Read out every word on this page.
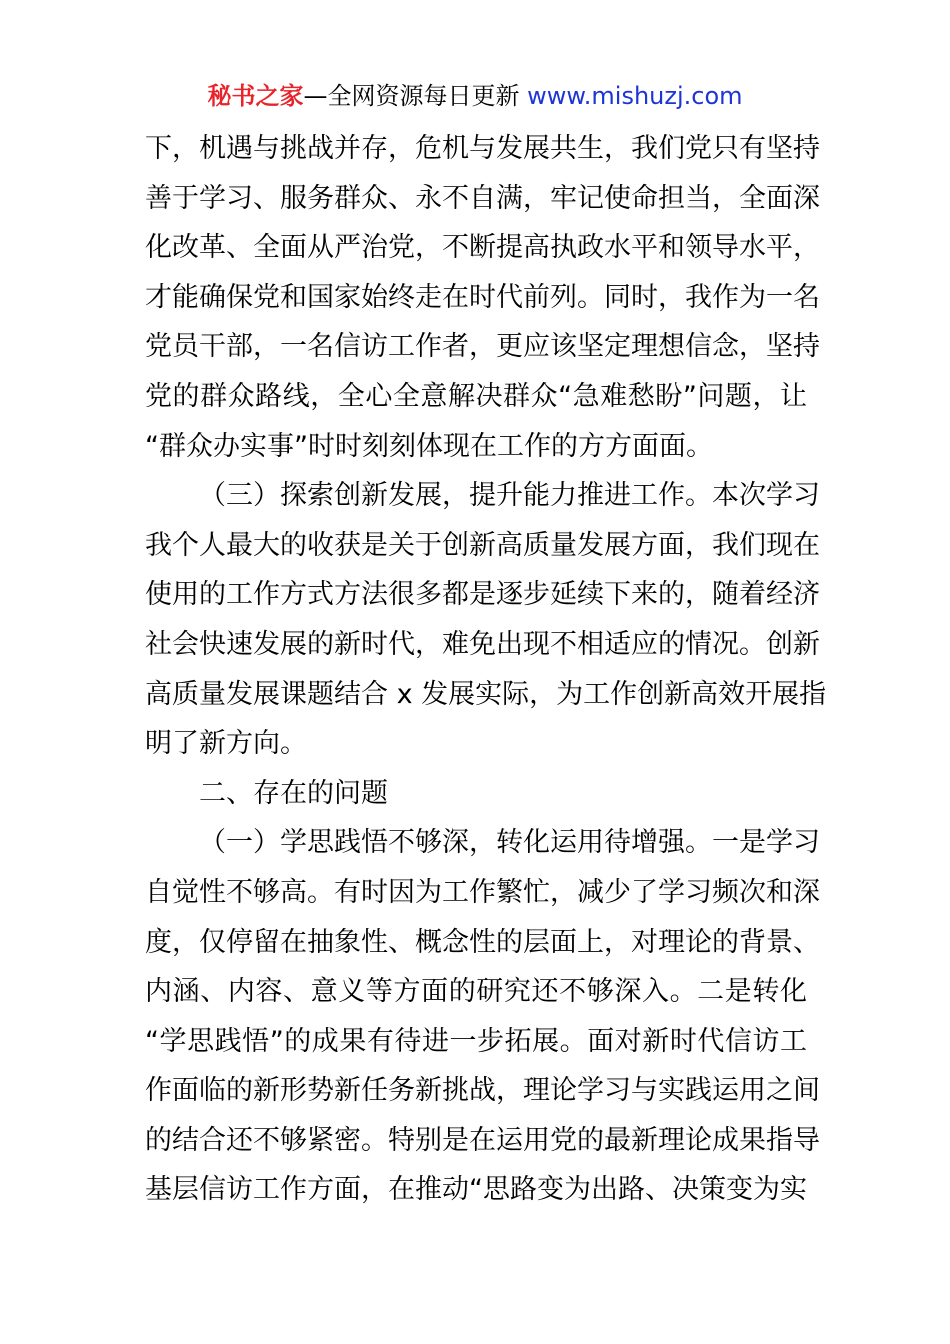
秘书之家—全网资源每日更新 www.mishuzj.com
下，机遇与挑战并存，危机与发展共生，我们党只有坚持
善于学习、服务群众、永不自满，牢记使命担当，全面深
化改革、全面从严治党，不断提高执政水平和领导水平，
才能确保党和国家始终走在时代前列。同时，我作为一名
党员干部，一名信访工作者，更应该坚定理想信念，坚持
党的群众路线，全心全意解决群众“急难愁盼”问题，让
“群众办实事”时时刻刻体现在工作的方方面面。
（三）探索创新发展，提升能力推进工作。本次学习
我个人最大的收获是关于创新高质量发展方面，我们现在
使用的工作方式方法很多都是逐步延续下来的，随着经济
社会快速发展的新时代，难免出现不相适应的情况。创新
高质量发展课题结合 x 发展实际，为工作创新高效开展指
明了新方向。
二、存在的问题
（一）学思践悟不够深，转化运用待增强。一是学习
自觉性不够高。有时因为工作繁忙，减少了学习频次和深
度，仅停留在抽象性、概念性的层面上，对理论的背景、
内涵、内容、意义等方面的研究还不够深入。二是转化
“学思践悟”的成果有待进一步拓展。面对新时代信访工
作面临的新形势新任务新挑战，理论学习与实践运用之间
的结合还不够紧密。特别是在运用党的最新理论成果指导
基层信访工作方面，在推动“思路变为出路、决策变为实
